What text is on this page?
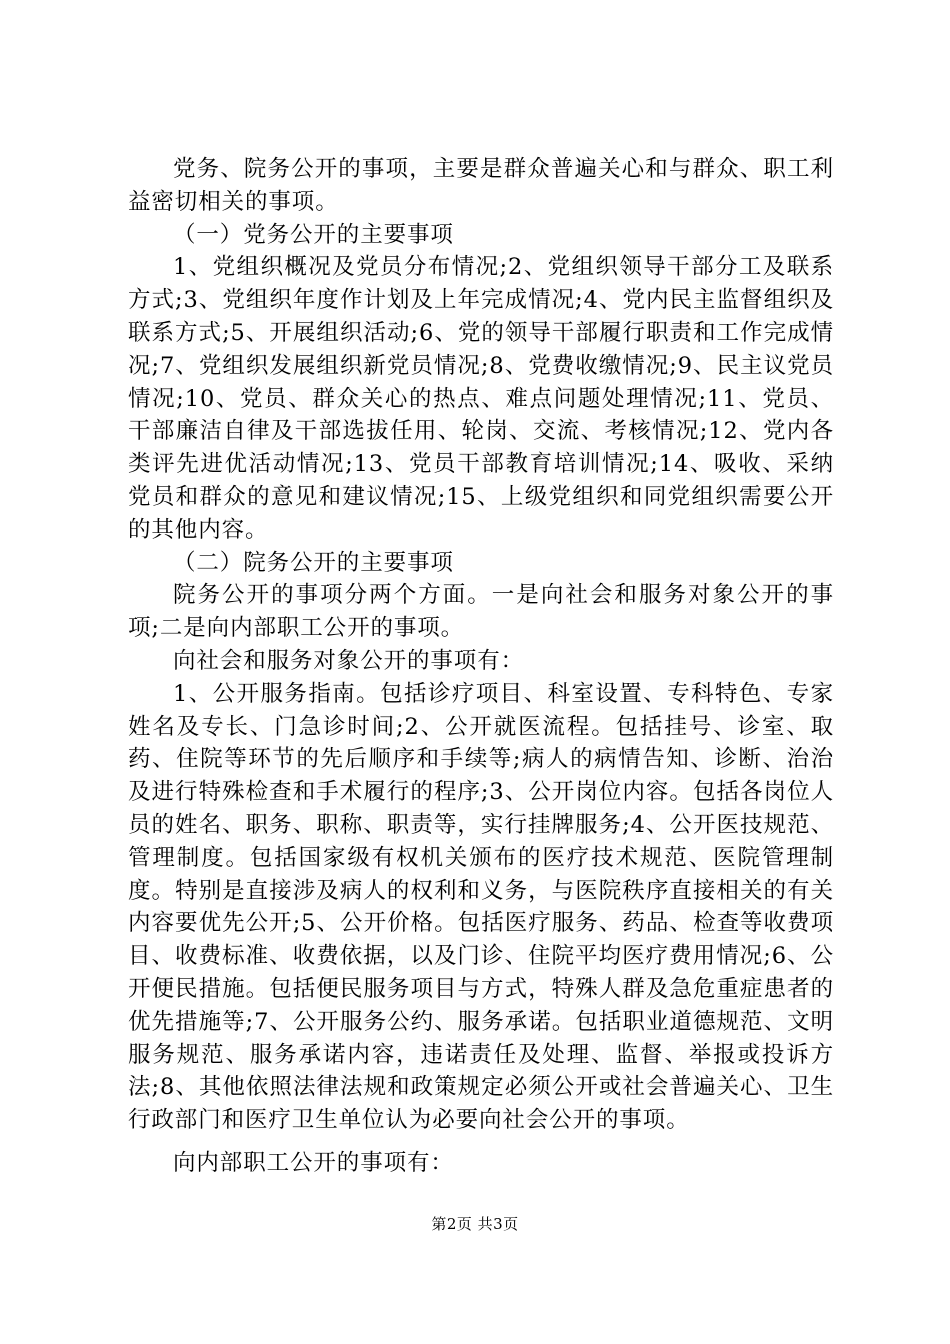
党务、院务公开的事项，主要是群众普遍关心和与群众、职工利益密切相关的事项。

（一）党务公开的主要事项

1、党组织概况及党员分布情况;2、党组织领导干部分工及联系方式;3、党组织年度作计划及上年完成情况;4、党内民主监督组织及联系方式;5、开展组织活动;6、党的领导干部履行职责和工作完成情况;7、党组织发展组织新党员情况;8、党费收缴情况;9、民主议党员情况;10、党员、群众关心的热点、难点问题处理情况;11、党员、干部廉洁自律及干部选拔任用、轮岗、交流、考核情况;12、党内各类评先进优活动情况;13、党员干部教育培训情况;14、吸收、采纳党员和群众的意见和建议情况;15、上级党组织和同党组织需要公开的其他内容。

（二）院务公开的主要事项

院务公开的事项分两个方面。一是向社会和服务对象公开的事项;二是向内部职工公开的事项。

向社会和服务对象公开的事项有：

1、公开服务指南。包括诊疗项目、科室设置、专科特色、专家姓名及专长、门急诊时间;2、公开就医流程。包括挂号、诊室、取药、住院等环节的先后顺序和手续等;病人的病情告知、诊断、治治及进行特殊检查和手术履行的程序;3、公开岗位内容。包括各岗位人员的姓名、职务、职称、职责等，实行挂牌服务;4、公开医技规范、管理制度。包括国家级有权机关颁布的医疗技术规范、医院管理制度。特别是直接涉及病人的权利和义务，与医院秩序直接相关的有关内容要优先公开;5、公开价格。包括医疗服务、药品、检查等收费项目、收费标准、收费依据，以及门诊、住院平均医疗费用情况;6、公开便民措施。包括便民服务项目与方式，特殊人群及急危重症患者的优先措施等;7、公开服务公约、服务承诺。包括职业道德规范、文明服务规范、服务承诺内容，违诺责任及处理、监督、举报或投诉方法;8、其他依照法律法规和政策规定必须公开或社会普遍关心、卫生行政部门和医疗卫生单位认为必要向社会公开的事项。

向内部职工公开的事项有：

第2页 共3页
